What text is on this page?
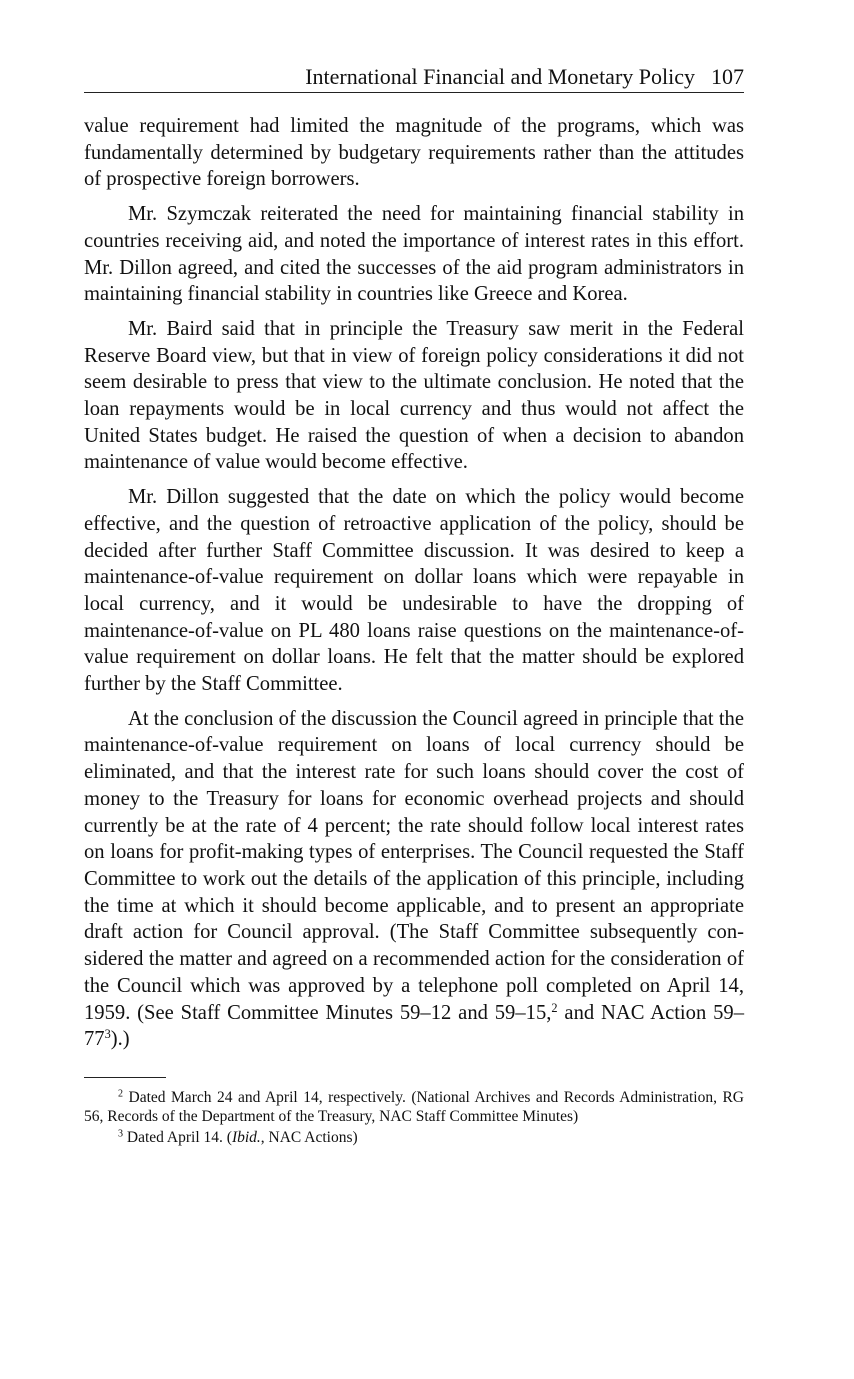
International Financial and Monetary Policy 107

value requirement had limited the magnitude of the programs, which was fundamentally determined by budgetary requirements rather than the attitudes of prospective foreign borrowers.

Mr. Szymczak reiterated the need for maintaining financial stability in countries receiving aid, and noted the importance of interest rates in this effort. Mr. Dillon agreed, and cited the successes of the aid program administrators in maintaining financial stability in countries like Greece and Korea.

Mr. Baird said that in principle the Treasury saw merit in the Federal Reserve Board view, but that in view of foreign policy considerations it did not seem desirable to press that view to the ultimate conclusion. He noted that the loan repayments would be in local currency and thus would not affect the United States budget. He raised the question of when a decision to abandon maintenance of value would become effective.

Mr. Dillon suggested that the date on which the policy would become effective, and the question of retroactive application of the policy, should be decided after further Staff Committee discussion. It was desired to keep a maintenance-of-value requirement on dollar loans which were repayable in local currency, and it would be undesirable to have the dropping of maintenance-of-value on PL 480 loans raise questions on the maintenance-of-value requirement on dollar loans. He felt that the matter should be explored further by the Staff Committee.

At the conclusion of the discussion the Council agreed in principle that the maintenance-of-value requirement on loans of local currency should be eliminated, and that the interest rate for such loans should cover the cost of money to the Treasury for loans for economic overhead projects and should currently be at the rate of 4 percent; the rate should follow local interest rates on loans for profit-making types of enterprises. The Council requested the Staff Committee to work out the details of the application of this principle, including the time at which it should become applicable, and to present an appropriate draft action for Council approval. (The Staff Committee subsequently considered the matter and agreed on a recommended action for the consideration of the Council which was approved by a telephone poll completed on April 14, 1959. (See Staff Committee Minutes 59–12 and 59–15,$^2$ and NAC Action $59-77^3$).)

$^2$ Dated March 24 and April 14, respectively. (National Archives and Records Administration, RG 56, Records of the Department of the Treasury, NAC Staff Committee Minutes)

$^3$ Dated April 14. (Ibid., NAC Actions)
